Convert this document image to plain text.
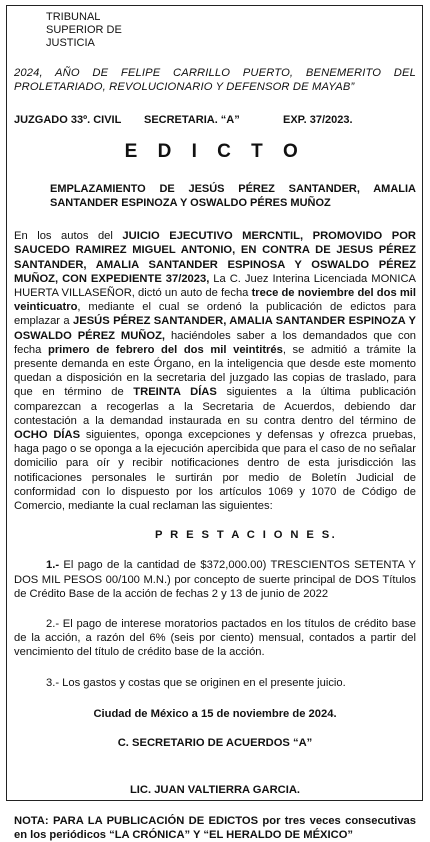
TRIBUNAL
SUPERIOR DE
JUSTICIA
2024, AÑO DE FELIPE CARRILLO PUERTO, BENEMERITO DEL PROLETARIADO, REVOLUCIONARIO Y DEFENSOR DE MAYAB”
JUZGADO 33º. CIVIL	SECRETARIA. “A”	EXP. 37/2023.
E D I C T O
EMPLAZAMIENTO DE JESÚS PÉREZ SANTANDER, AMALIA SANTANDER ESPINOZA Y OSWALDO PÉRES MUÑOZ

En los autos del JUICIO EJECUTIVO MERCNTIL, PROMOVIDO POR SAUCEDO RAMIREZ MIGUEL ANTONIO, EN CONTRA DE JESUS PÉREZ SANTANDER, AMALIA SANTANDER ESPINOSA Y OSWALDO PÉREZ MUÑOZ, CON EXPEDIENTE 37/2023, La C. Juez Interina Licenciada MONICA HUERTA VILLASEÑOR, dictó un auto de fecha trece de noviembre del dos mil veinticuatro, mediante el cual se ordenó la publicación de edictos para emplazar a JESÚS PÉREZ SANTANDER, AMALIA SANTANDER ESPINOZA Y OSWALDO PÉREZ MUÑOZ, haciéndoles saber a los demandados que con fecha primero de febrero del dos mil veintitrés, se admitió a trámite la presente demanda en este Órgano, en la inteligencia que desde este momento quedan a disposición en la secretaria del juzgado las copias de traslado, para que en término de TREINTA DÍAS siguientes a la última publicación comparezcan a recogerlas a la Secretaria de Acuerdos, debiendo dar contestación a la demandad instaurada en su contra dentro del término de OCHO DÍAS siguientes, oponga excepciones y defensas y ofrezca pruebas, haga pago o se oponga a la ejecución apercibida que para el caso de no señalar domicilio para oír y recibir notificaciones dentro de esta jurisdicción las notificaciones personales le surtirán por medio de Boletín Judicial de conformidad con lo dispuesto por los artículos 1069 y 1070 de Código de Comercio, mediante la cual reclaman las siguientes:

P R E S T A C I O N E S.

1.- El pago de la cantidad de $372,000.00) TRESCIENTOS SETENTA Y DOS MIL PESOS 00/100 M.N.) por concepto de suerte principal de DOS Títulos de Crédito Base de la acción de fechas 2 y 13 de junio de 2022

2.- El pago de interese moratorios pactados en los títulos de crédito base de la acción, a razón del 6% (seis por ciento) mensual, contados a partir del vencimiento del título de crédito base de la acción.

3.- Los gastos y costas que se originen en el presente juicio.

Ciudad de México a 15 de noviembre de 2024.
C. SECRETARIO DE ACUERDOS “A”
LIC. JUAN VALTIERRA GARCIA.

NOTA: PARA LA PUBLICACIÓN DE EDICTOS por tres veces consecutivas en los periódicos “LA CRÓNICA” Y “EL HERALDO DE MÉXICO”
